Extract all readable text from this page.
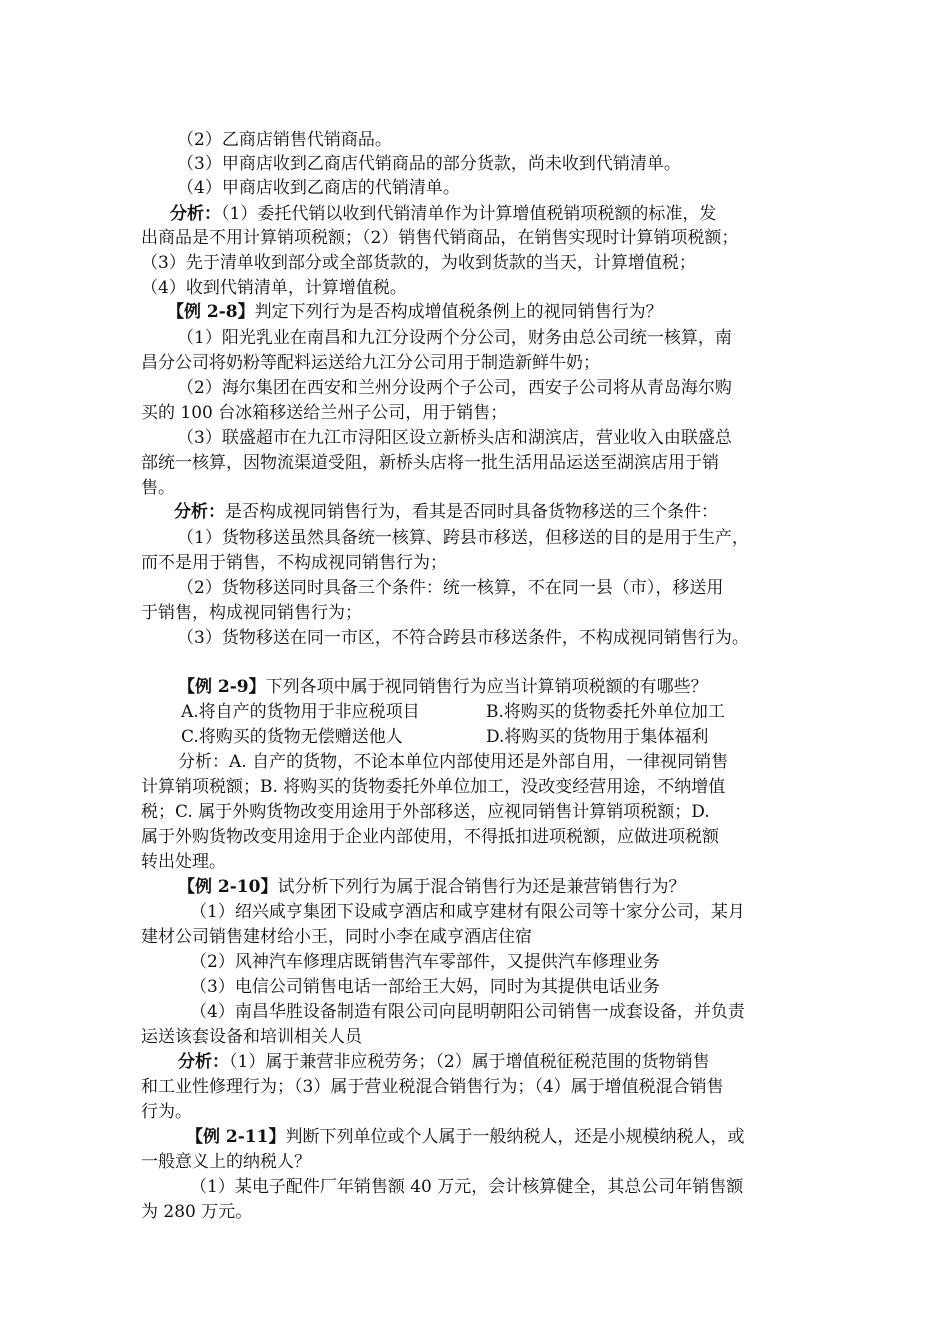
（2）乙商店销售代销商品。
（3）甲商店收到乙商店代销商品的部分货款，尚未收到代销清单。
（4）甲商店收到乙商店的代销清单。
分析：（1）委托代销以收到代销清单作为计算增值税销项税额的标准，发
出商品是不用计算销项税额；（2）销售代销商品，在销售实现时计算销项税额；
（3）先于清单收到部分或全部货款的，为收到货款的当天，计算增值税；
（4）收到代销清单，计算增值税。
【例 2-8】判定下列行为是否构成增值税条例上的视同销售行为？
（1）阳光乳业在南昌和九江分设两个分公司，财务由总公司统一核算，南
昌分公司将奶粉等配料运送给九江分公司用于制造新鲜牛奶；
（2）海尔集团在西安和兰州分设两个子公司，西安子公司将从青岛海尔购
买的 100 台冰箱移送给兰州子公司，用于销售；
（3）联盛超市在九江市浔阳区设立新桥头店和湖滨店，营业收入由联盛总
部统一核算，因物流渠道受阻，新桥头店将一批生活用品运送至湖滨店用于销
售。
分析：是否构成视同销售行为，看其是否同时具备货物移送的三个条件：
（1）货物移送虽然具备统一核算、跨县市移送，但移送的目的是用于生产，
而不是用于销售，不构成视同销售行为；
（2）货物移送同时具备三个条件：统一核算，不在同一县（市），移送用
于销售，构成视同销售行为；
（3）货物移送在同一市区，不符合跨县市移送条件，不构成视同销售行为。
【例 2-9】下列各项中属于视同销售行为应当计算销项税额的有哪些？
A.将自产的货物用于非应税项目	B.将购买的货物委托外单位加工
C.将购买的货物无偿赠送他人	D.将购买的货物用于集体福利
分析：A. 自产的货物，不论本单位内部使用还是外部自用，一律视同销售
计算销项税额；B. 将购买的货物委托外单位加工，没改变经营用途，不纳增值
税；C. 属于外购货物改变用途用于外部移送，应视同销售计算销项税额；D.
属于外购货物改变用途用于企业内部使用，不得抵扣进项税额，应做进项税额
转出处理。
【例 2-10】试分析下列行为属于混合销售行为还是兼营销售行为？
（1）绍兴咸亨集团下设咸亨酒店和咸亨建材有限公司等十家分公司，某月
建材公司销售建材给小王，同时小李在咸亨酒店住宿
（2）风神汽车修理店既销售汽车零部件，又提供汽车修理业务
（3）电信公司销售电话一部给王大妈，同时为其提供电话业务
（4）南昌华胜设备制造有限公司向昆明朝阳公司销售一成套设备，并负责
运送该套设备和培训相关人员
分析：（1）属于兼营非应税劳务；（2）属于增值税征税范围的货物销售
和工业性修理行为；（3）属于营业税混合销售行为；（4）属于增值税混合销售
行为。
【例 2-11】判断下列单位或个人属于一般纳税人，还是小规模纳税人，或
一般意义上的纳税人？
（1）某电子配件厂年销售额 40 万元，会计核算健全，其总公司年销售额
为 280 万元。
